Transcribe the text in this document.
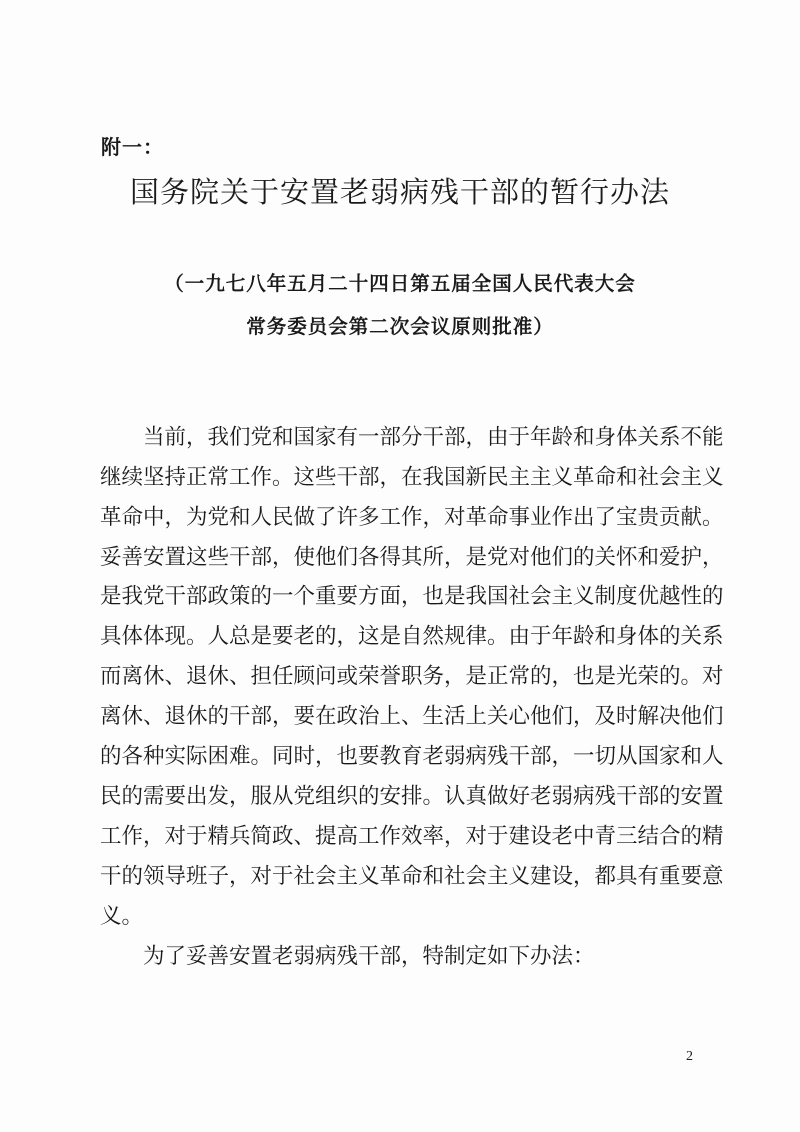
附一：
国务院关于安置老弱病残干部的暂行办法
（一九七八年五月二十四日第五届全国人民代表大会
常务委员会第二次会议原则批准）
当前，我们党和国家有一部分干部，由于年龄和身体关系不能
继续坚持正常工作。这些干部，在我国新民主主义革命和社会主义
革命中，为党和人民做了许多工作，对革命事业作出了宝贵贡献。
妥善安置这些干部，使他们各得其所，是党对他们的关怀和爱护，
是我党干部政策的一个重要方面，也是我国社会主义制度优越性的
具体体现。人总是要老的，这是自然规律。由于年龄和身体的关系
而离休、退休、担任顾问或荣誉职务，是正常的，也是光荣的。对
离休、退休的干部，要在政治上、生活上关心他们，及时解决他们
的各种实际困难。同时，也要教育老弱病残干部，一切从国家和人
民的需要出发，服从党组织的安排。认真做好老弱病残干部的安置
工作，对于精兵简政、提高工作效率，对于建设老中青三结合的精
干的领导班子，对于社会主义革命和社会主义建设，都具有重要意
义。
为了妥善安置老弱病残干部，特制定如下办法：
2
